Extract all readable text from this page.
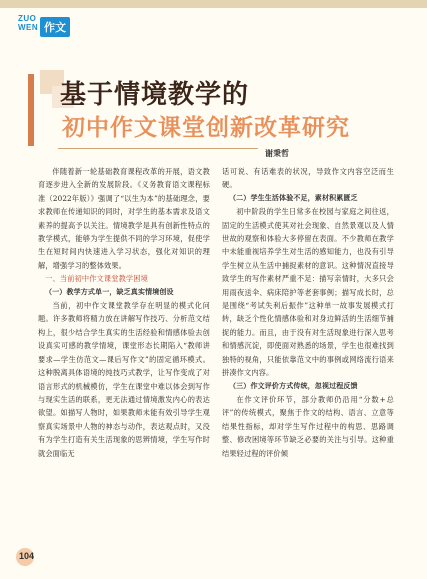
ZUO
WEN 作文
基于情境教学的
初中作文课堂创新改革研究
谢秉哲

伴随着新一轮基础教育课程改革的开展，语文教育逐步进入全新的发展阶段。《义务教育语文课程标准（2022年版）》强调了“以生为本”的基础理念，要求教师在传递知识的同时，对学生的基本需求及语文素养的提高予以关注。情境教学是具有创新性特点的教学模式，能够为学生提供不同的学习环境，促使学生在短时间内快速进入学习状态，强化对知识的理解，增强学习的整体效果。

一、当前初中作文课堂教学困境

（一）教学方式单一，缺乏真实情境创设

当前，初中作文课堂教学存在明显的模式化问题。许多教师将精力放在讲解写作技巧、分析范文结构上，很少结合学生真实的生活经验和情感体验去创设真实可感的教学情境，课堂形态长期陷入“教师讲要求—学生仿范文—课后写作文”的固定循环模式。这种脱离具体语境的纯技巧式教学，让写作变成了对语言形式的机械模仿，学生在课堂中难以体会到写作与现实生活的联系，更无法通过情境激发内心的表达欲望。如描写人物时，如果教师未能有效引导学生观察真实场景中人物的神态与动作，表达观点时，又没有为学生打造有关生活现象的思辨情境，学生写作时就会面临无

话可说、有话难表的状况，导致作文内容空泛而生硬。

（二）学生生活体验不足，素材积累匮乏

初中阶段的学生日常多在校园与家庭之间往返，固定的生活模式使其对社会现象、自然景观以及人情世故的观察和体验大多停留在表面。不少教师在教学中未能重视培养学生对生活的感知能力，也没有引导学生树立从生活中捕捉素材的意识。这种情况直接导致学生的写作素材严重不足：描写亲情时，大多只会用雨夜送伞、病床陪护等老套事例；描写成长时，总是围绕“考试失利后振作”这种单一故事发展模式打转，缺乏个性化情感体验和对身边鲜活的生活细节捕捉的能力。而且，由于没有对生活现象进行深入思考和情感沉淀，即使面对熟悉的场景，学生也很难找到独特的视角，只能依靠范文中的事例或网络流行语来拼凑作文内容。

（三）作文评价方式传统，忽视过程反馈

在作文评价环节，部分教师仍沿用“分数+总评”的传统模式，聚焦于作文的结构、语言、立意等结果性指标，却对学生写作过程中的构思、思路调整、修改困境等环节缺乏必要的关注与引导。这种重结果轻过程的评价倾

104
